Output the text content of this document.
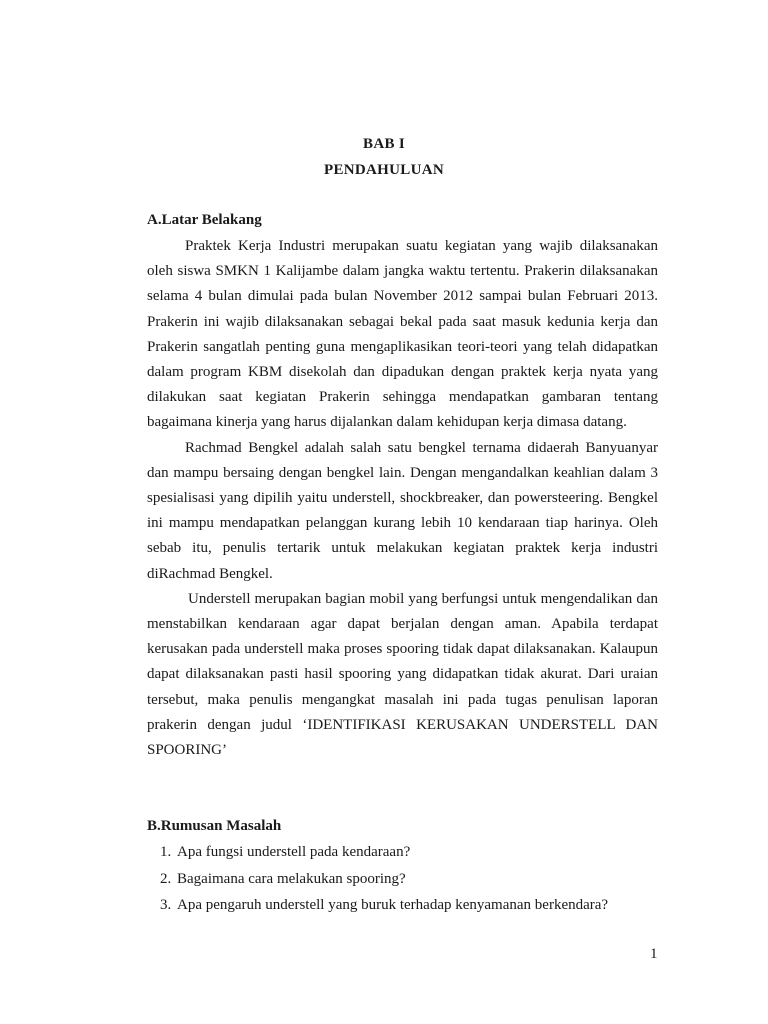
BAB I
PENDAHULUAN
A.Latar Belakang

Praktek Kerja Industri merupakan suatu kegiatan yang wajib dilaksanakan oleh siswa SMKN 1 Kalijambe dalam jangka waktu tertentu. Prakerin dilaksanakan selama 4 bulan dimulai pada bulan November 2012 sampai bulan Februari 2013. Prakerin ini wajib dilaksanakan sebagai bekal pada saat masuk kedunia kerja dan Prakerin sangatlah penting guna mengaplikasikan teori-teori yang telah didapatkan dalam program KBM disekolah dan dipadukan dengan praktek kerja nyata yang dilakukan saat kegiatan Prakerin sehingga mendapatkan gambaran tentang bagaimana kinerja yang harus dijalankan dalam kehidupan kerja dimasa datang.

Rachmad Bengkel adalah salah satu bengkel ternama didaerah Banyuanyar dan mampu bersaing dengan bengkel lain. Dengan mengandalkan keahlian dalam 3 spesialisasi yang dipilih yaitu understell, shockbreaker, dan powersteering. Bengkel ini mampu mendapatkan pelanggan kurang lebih 10 kendaraan tiap harinya. Oleh sebab itu, penulis tertarik untuk melakukan kegiatan praktek kerja industri diRachmad Bengkel.

Understell merupakan bagian mobil yang berfungsi untuk mengendalikan dan menstabilkan kendaraan agar dapat berjalan dengan aman. Apabila terdapat kerusakan pada understell maka proses spooring tidak dapat dilaksanakan. Kalaupun dapat dilaksanakan pasti hasil spooring yang didapatkan tidak akurat. Dari uraian tersebut, maka penulis mengangkat masalah ini pada tugas penulisan laporan prakerin dengan judul ‘IDENTIFIKASI KERUSAKAN UNDERSTELL DAN SPOORING’

B.Rumusan Masalah
1. Apa fungsi understell pada kendaraan?
2. Bagaimana cara melakukan spooring?
3. Apa pengaruh understell yang buruk terhadap kenyamanan berkendara?
1
